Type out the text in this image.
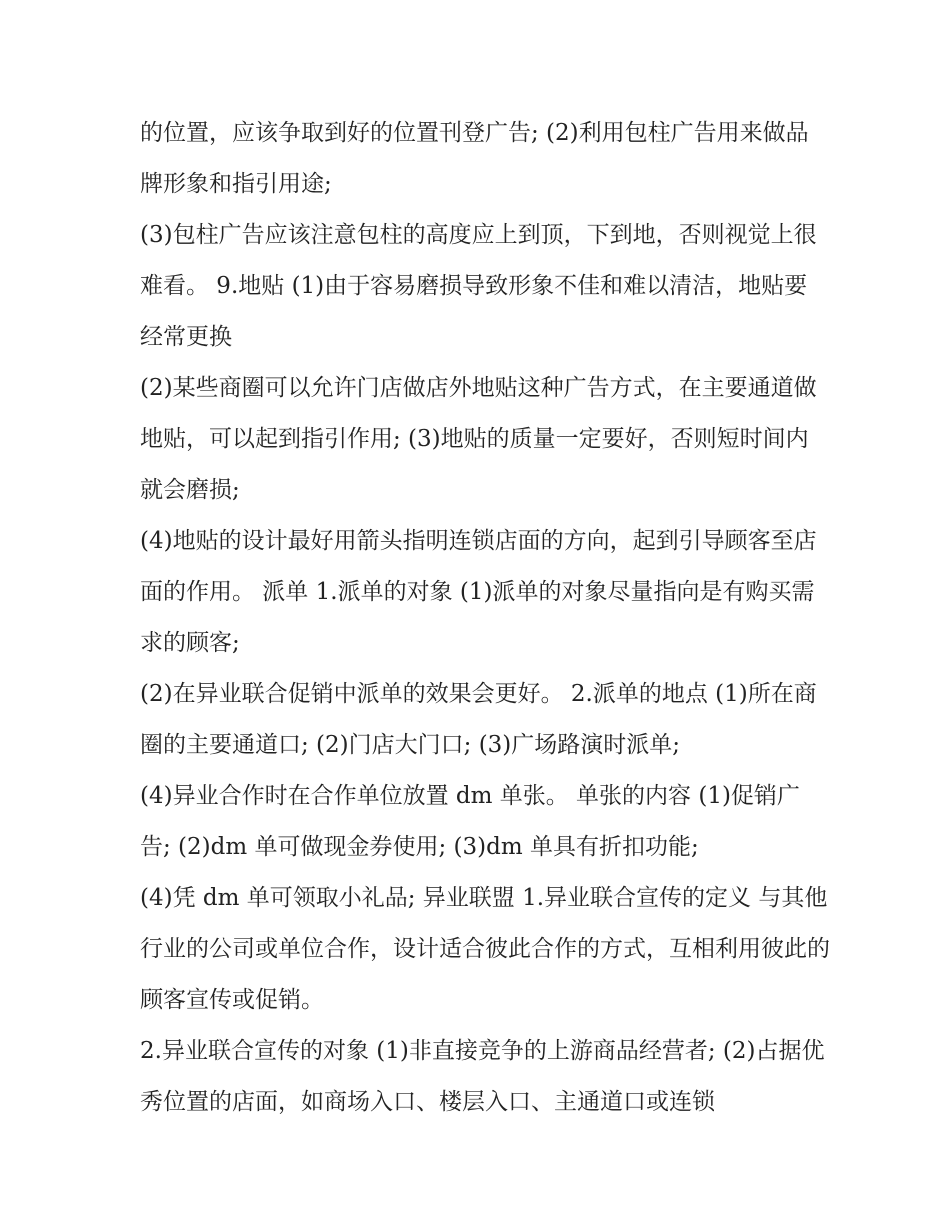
的位置，应该争取到好的位置刊登广告; (2)利用包柱广告用来做品牌形象和指引用途;

(3)包柱广告应该注意包柱的高度应上到顶，下到地，否则视觉上很难看。 9.地贴 (1)由于容易磨损导致形象不佳和难以清洁，地贴要经常更换

(2)某些商圈可以允许门店做店外地贴这种广告方式，在主要通道做地贴，可以起到指引作用; (3)地贴的质量一定要好，否则短时间内就会磨损;

(4)地贴的设计最好用箭头指明连锁店面的方向，起到引导顾客至店面的作用。 派单 1.派单的对象 (1)派单的对象尽量指向是有购买需求的顾客;

(2)在异业联合促销中派单的效果会更好。 2.派单的地点 (1)所在商圈的主要通道口; (2)门店大门口; (3)广场路演时派单;

(4)异业合作时在合作单位放置 dm 单张。 单张的内容 (1)促销广告; (2)dm 单可做现金券使用; (3)dm 单具有折扣功能;

(4)凭 dm 单可领取小礼品; 异业联盟 1.异业联合宣传的定义 与其他行业的公司或单位合作，设计适合彼此合作的方式，互相利用彼此的顾客宣传或促销。

2.异业联合宣传的对象 (1)非直接竞争的上游商品经营者; (2)占据优秀位置的店面，如商场入口、楼层入口、主通道口或连锁
